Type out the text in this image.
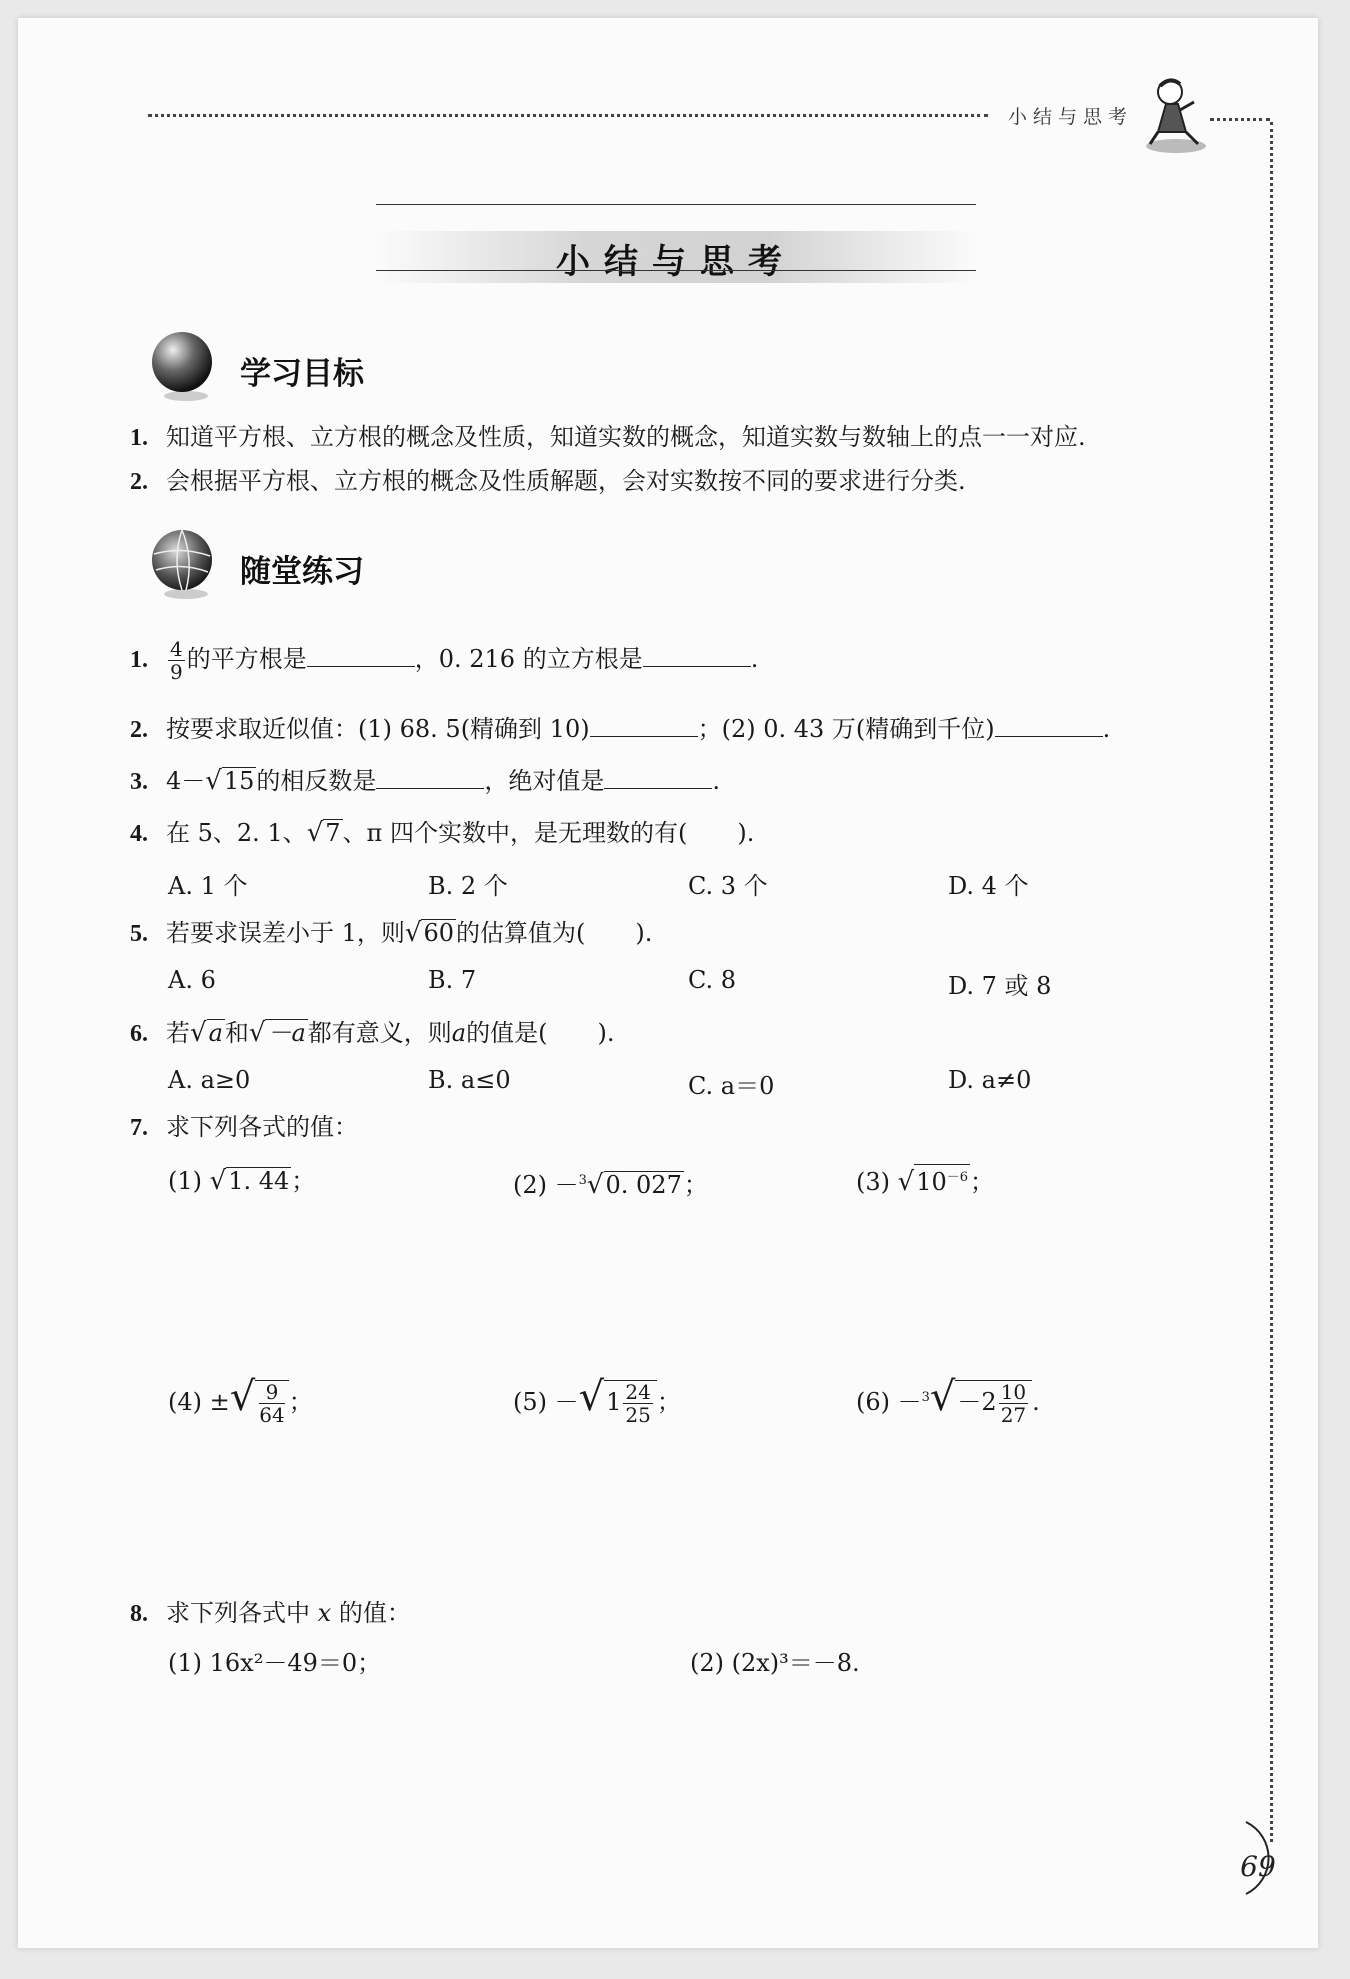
小结与思考
69
小结与思考
学习目标
1. 知道平方根、立方根的概念及性质，知道实数的概念，知道实数与数轴上的点一一对应.
2. 会根据平方根、立方根的概念及性质解题，会对实数按不同的要求进行分类.
随堂练习
1. $\frac{4}{9}$ 的平方根是	，0. 216 的立方根是	.
2. 按要求取近似值：(1) 68. 5(精确到 10)	；(2) 0. 43 万(精确到千位)	.
3. 4－√15的相反数是	，绝对值是	.
4. 在 5、2. 1、√7、π 四个实数中，是无理数的有( ).
A. 1 个	B. 2 个	C. 3 个	D. 4 个
5. 若要求误差小于 1，则√60的估算值为( ).
A. 6	B. 7	C. 8	D. 7 或 8
6. 若√a和√－a都有意义，则a的值是( ).
A. a≥0	B. a≤0	C. a＝0	D. a≠0
7. 求下列各式的值：
(1) √1. 44；	(2) －$^3$√0. 027；	(3) $√10^{-6}$；
(4) ±√ $\frac{9}{64}$ ；	$(5) -√1 \frac{24}{25}$ ；	$(6) -^3√-2 \frac{10}{27}$ .
8. 求下列各式中 x 的值：
(1) 16x²－49＝0；	(2) (2x)³＝－8.
